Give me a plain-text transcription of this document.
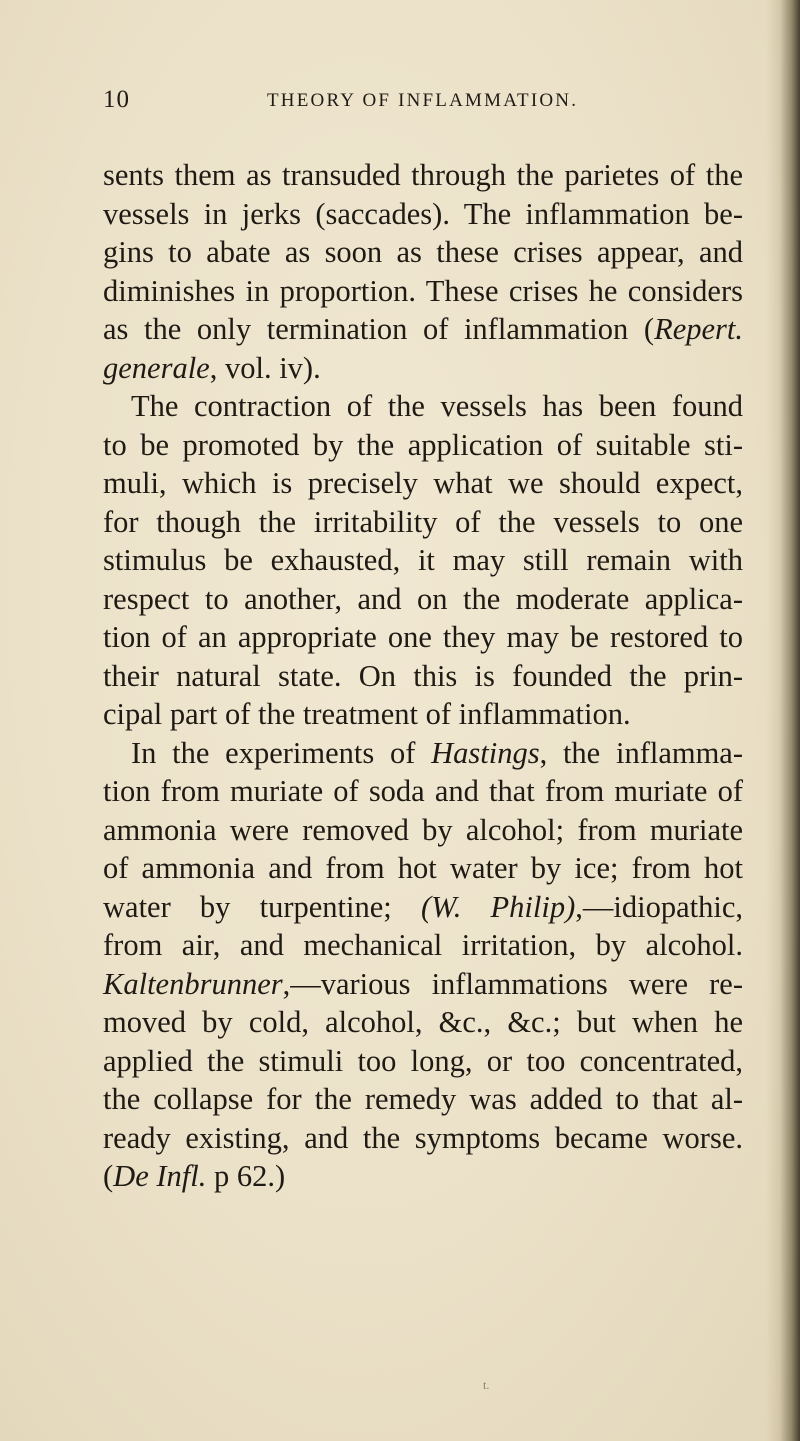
10	THEORY OF INFLAMMATION.
sents them as transuded through the parietes of the
vessels in jerks (saccades). The inflammation be-
gins to abate as soon as these crises appear, and
diminishes in proportion. These crises he considers
as the only termination of inflammation (Repert.
generale, vol. iv).
The contraction of the vessels has been found
to be promoted by the application of suitable sti-
muli, which is precisely what we should expect,
for though the irritability of the vessels to one
stimulus be exhausted, it may still remain with
respect to another, and on the moderate applica-
tion of an appropriate one they may be restored to
their natural state. On this is founded the prin-
cipal part of the treatment of inflammation.
In the experiments of Hastings, the inflamma-
tion from muriate of soda and that from muriate of
ammonia were removed by alcohol; from muriate
of ammonia and from hot water by ice; from hot
water by turpentine; (W. Philip),—idiopathic,
from air, and mechanical irritation, by alcohol.
Kaltenbrunner,—various inflammations were re-
moved by cold, alcohol, &c., &c.; but when he
applied the stimuli too long, or too concentrated,
the collapse for the remedy was added to that al-
ready existing, and the symptoms became worse.
(De Infl. p 62.)
t.
